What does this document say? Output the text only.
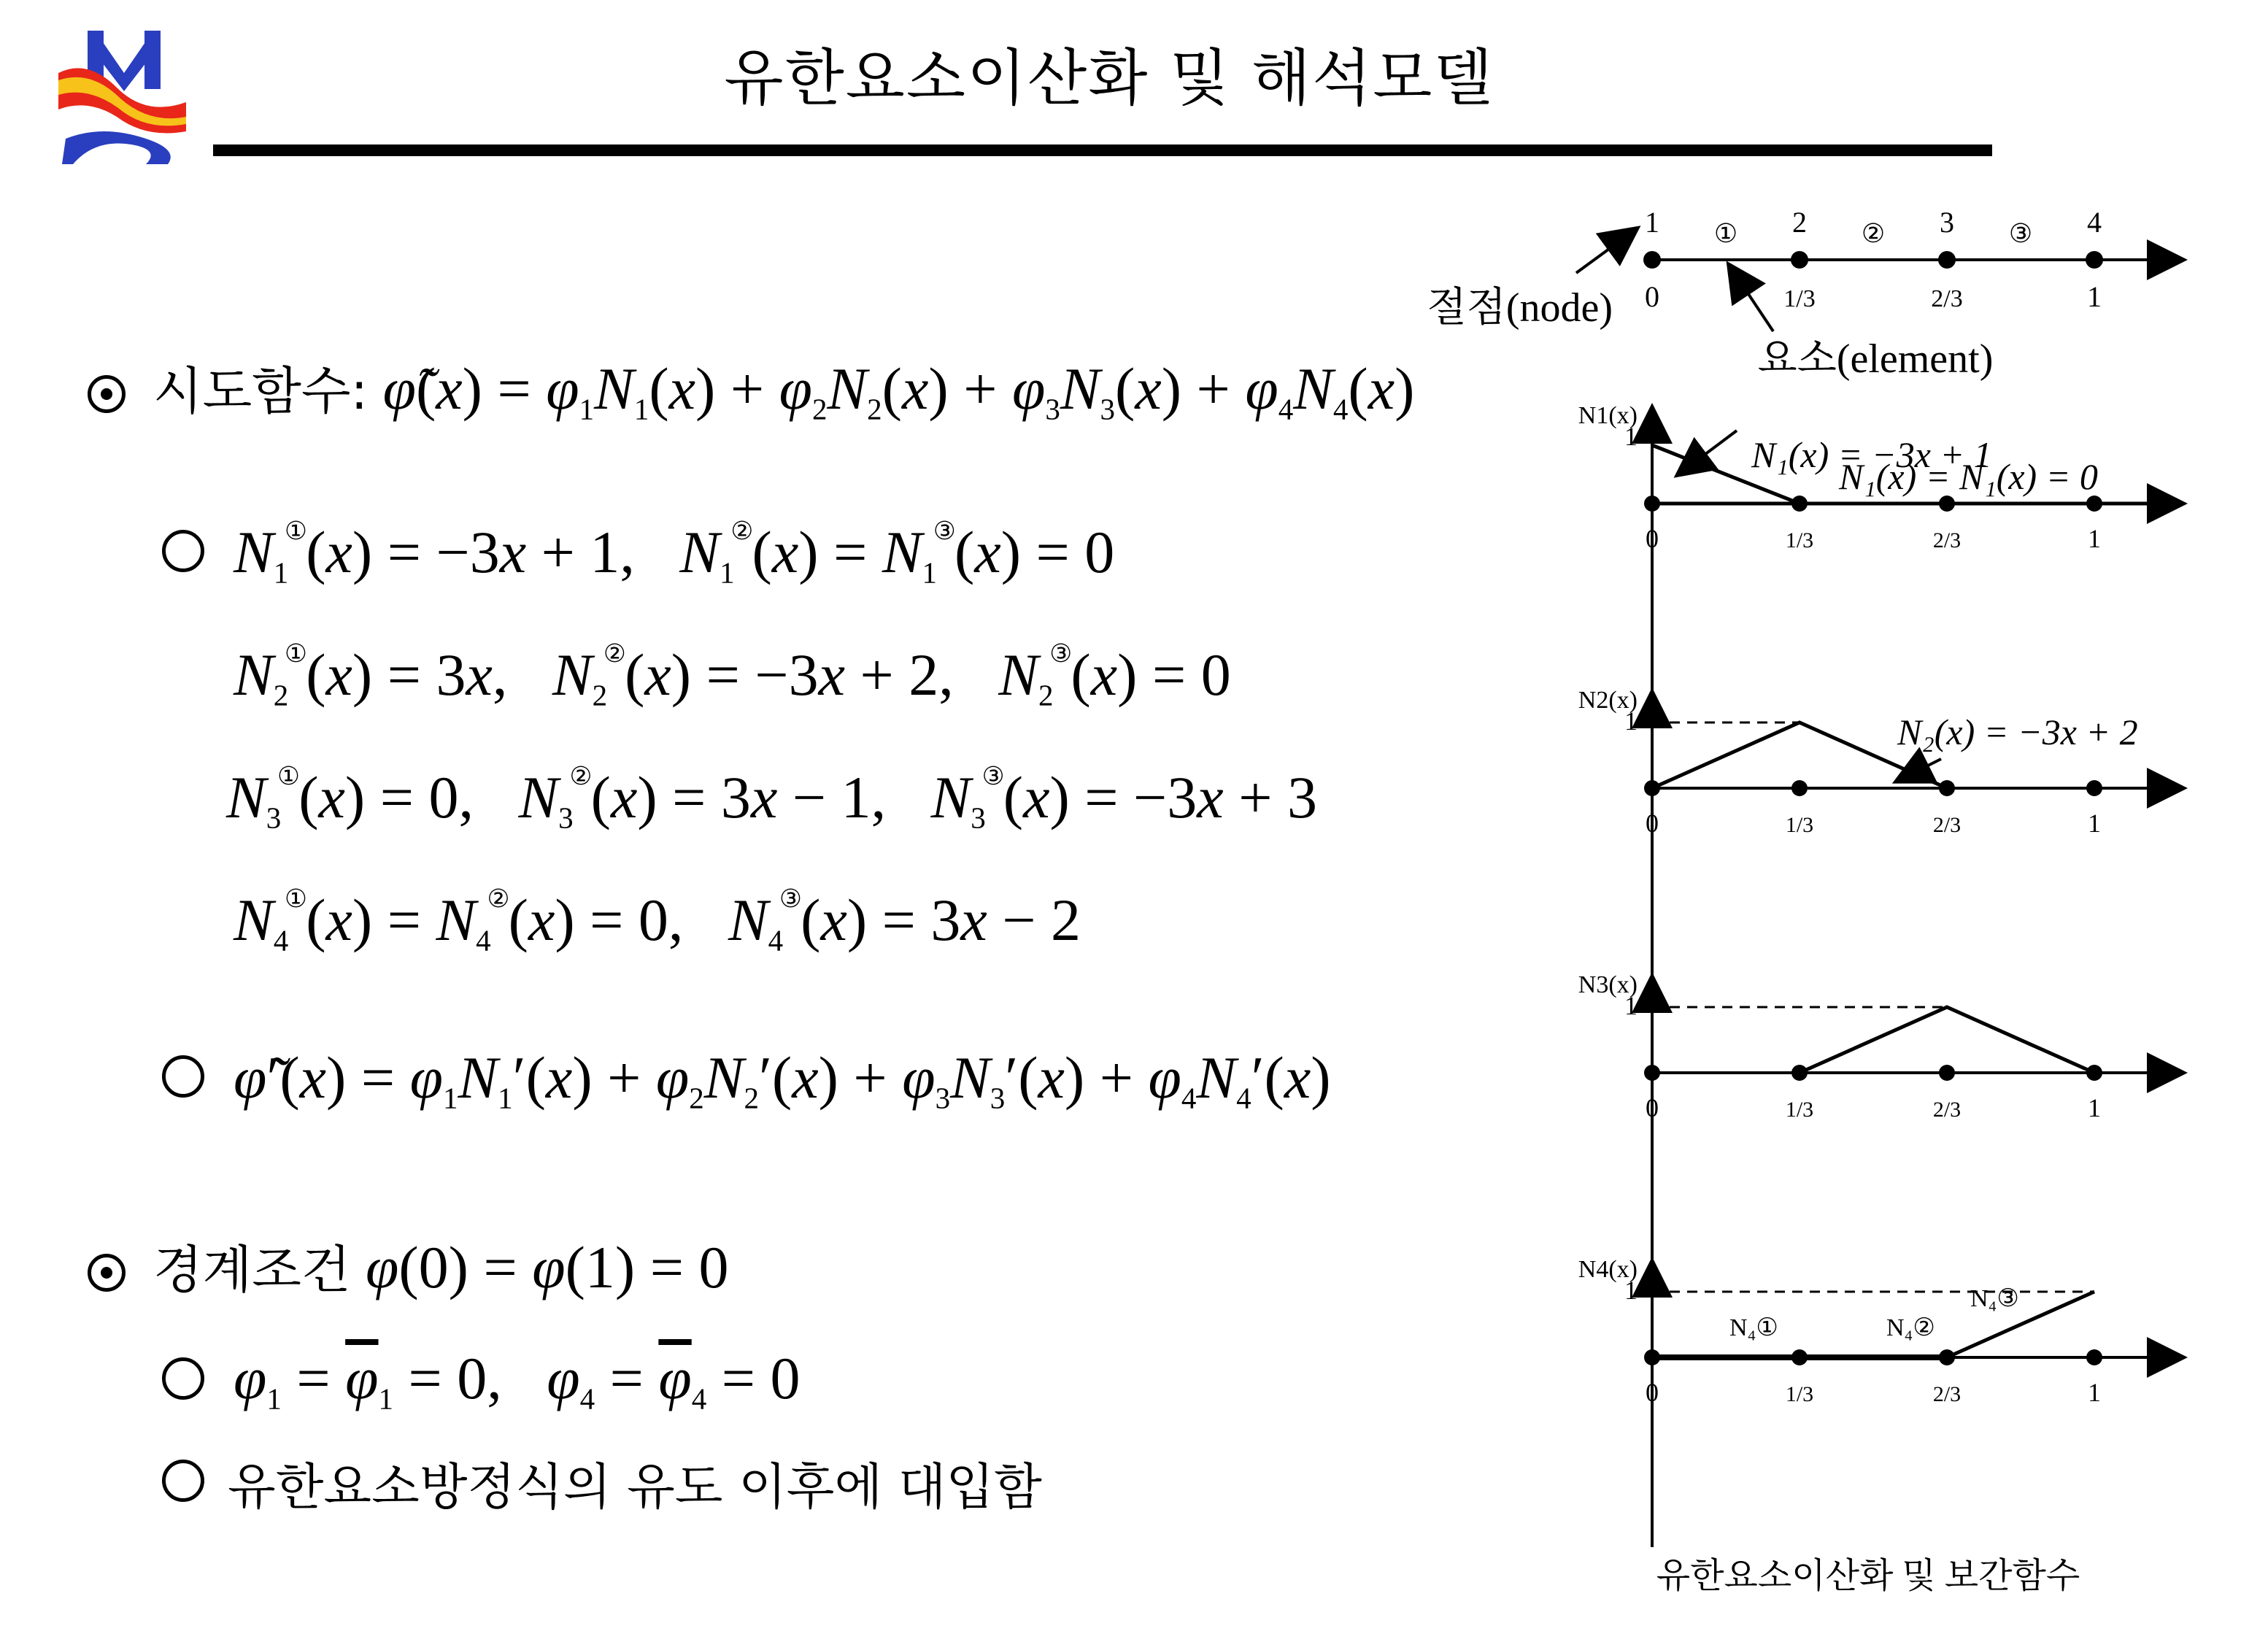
유한요소이산화 및 해석모델
시도함수: φ̃(x) = $\varphi_1N_1(x) + \varphi_2N_2(x) + \varphi_3N_3(x) + \varphi_4N_4(x)$
$N_1^①(x) = -3x + 1$,   $N_1^②(x) = N_1^③(x) = 0$
$N_2^①(x) = 3x$,   $N_2^②(x) = -3x + 2$,   $N_2^③(x) = 0$
$N_3^①(x) = 0$,   $N_3^②(x) = 3x - 1$,   $N_3^③(x) = -3x + 3$
$N_4^①(x) = N_4^②(x) = 0$,   $N_4^③(x) = 3x - 2$
φ̃′(x) = $\varphi_1N_1'(x) + \varphi_2N_2'(x) + \varphi_3N_3'(x) + \varphi_4N_4'(x)$
경계조건 φ(0) = φ(1) = 0
$\varphi_1 = \overline{\varphi}_1 = 0$,   $\varphi_4 = \overline{\varphi}_4 = 0$
유한요소방정식의 유도 이후에 대입함
1	2	3	4
①	②	③
0	1/3	2/3	1
절점(node)
요소(element)
N1(x)
1
0	1/3	2/3	1
N₁(x) = −3x + 1
N₁(x) = N₁(x) = 0
N2(x)
1
0	1/3	2/3	1
N₂(x) = −3x + 2
N3(x)
1
0	1/3	2/3	1
N4(x)
1
0	1/3	2/3	1
N₄①	N₄②
N₄③
유한요소이산화 및 보간함수
